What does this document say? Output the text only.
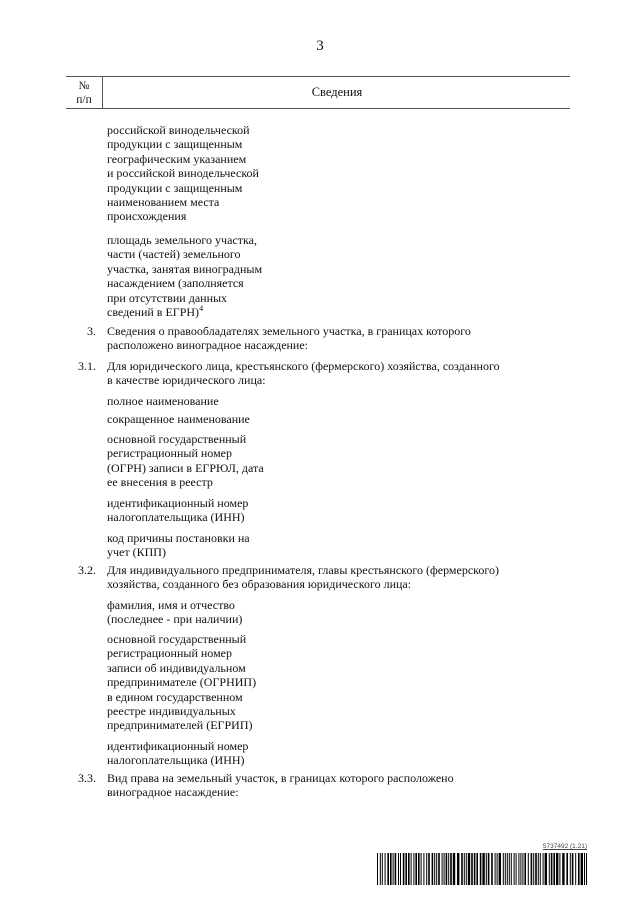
3
№
п/п
Сведения
российской винодельческой
продукции с защищенным
географическим указанием
и российской винодельческой
продукции с защищенным
наименованием места
происхождения
площадь земельного участка,
части (частей) земельного
участка, занятая виноградным
насаждением (заполняется
при отсутствии данных
сведений в ЕГРН)$^4$
3. Сведения о правообладателях земельного участка, в границах которого
расположено виноградное насаждение:
3.1. Для юридического лица, крестьянского (фермерского) хозяйства, созданного
в качестве юридического лица:
полное наименование
сокращенное наименование
основной государственный
регистрационный номер
(ОГРН) записи в ЕГРЮЛ, дата
ее внесения в реестр
идентификационный номер
налогоплательщика (ИНН)
код причины постановки на
учет (КПП)
3.2. Для индивидуального предпринимателя, главы крестьянского (фермерского)
хозяйства, созданного без образования юридического лица:
фамилия, имя и отчество
(последнее - при наличии)
основной государственный
регистрационный номер
записи об индивидуальном
предпринимателе (ОГРНИП)
в едином государственном
реестре индивидуальных
предпринимателей (ЕГРИП)
идентификационный номер
налогоплательщика (ИНН)
3.3. Вид права на земельный участок, в границах которого расположено
виноградное насаждение:
5737492 (1.21)
